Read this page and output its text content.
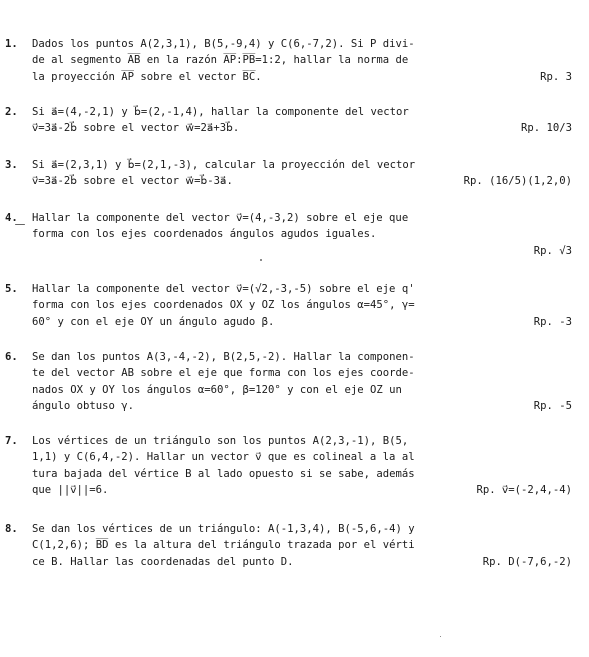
1.	Dados los puntos A(2,3,1), B(5,-9,4) y C(6,-7,2). Si P divi-
de al segmento A̅B̅ en la razón A̅P̅:P̅B̅=1:2, hallar la norma de
la proyección A̅P̅ sobre el vector B̅C̅.	Rp. 3
2.	Si a⃗=(4,-2,1) y b⃗=(2,-1,4), hallar la componente del vector
v⃗=3a⃗-2b⃗ sobre el vector w⃗=2a⃗+3b⃗.	Rp. 10/3
3.	Si a⃗=(2,3,1) y b⃗=(2,1,-3), calcular la proyección del vector
v⃗=3a⃗-2b⃗ sobre el vector w⃗=b⃗-3a⃗.	Rp. (16/5)(1,2,0)
4.	Hallar la componente del vector v⃗=(4,-3,2) sobre el eje que
forma con los ejes coordenados ángulos agudos iguales.
Rp. √3
5.	Hallar la componente del vector v⃗=(√2,-3,-5) sobre el eje q'
forma con los ejes coordenados OX y OZ los ángulos α=45°, γ=
60° y con el eje OY un ángulo agudo β.	Rp. -3
6.	Se dan los puntos A(3,-4,-2), B(2,5,-2). Hallar la componen-
te del vector AB sobre el eje que forma con los ejes coorde-
nados OX y OY los ángulos α=60°, β=120° y con el eje OZ un
ángulo obtuso γ.	Rp. -5
7.	Los vértices de un triángulo son los puntos A(2,3,-1), B(5,
1,1) y C(6,4,-2). Hallar un vector v⃗ que es colineal a la al
tura bajada del vértice B al lado opuesto si se sabe, además
que ||v⃗||=6.	Rp. v⃗=(-2,4,-4)
8.	Se dan los vértices de un triángulo: A(-1,3,4), B(-5,6,-4) y
C(1,2,6); B̅D̅ es la altura del triángulo trazada por el vérti
ce B. Hallar las coordenadas del punto D.	Rp. D(-7,6,-2)
